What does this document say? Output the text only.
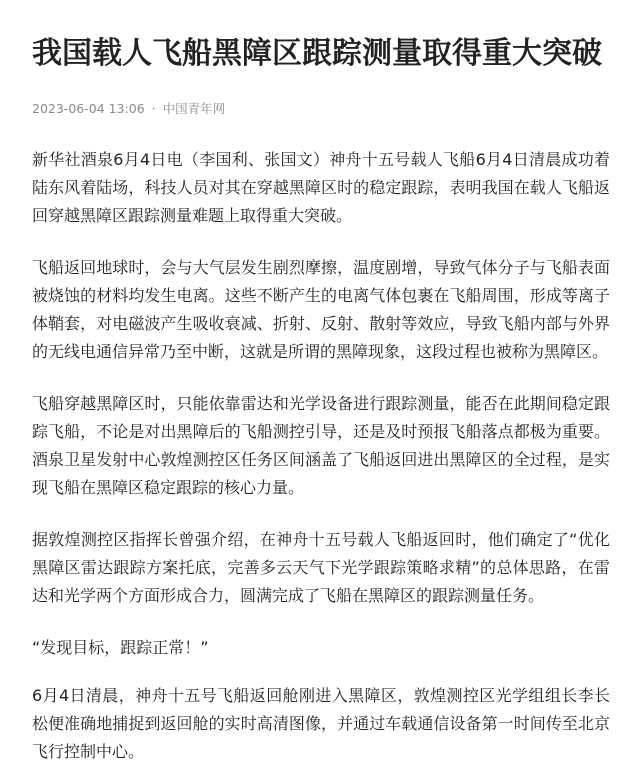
我国载人飞船黑障区跟踪测量取得重大突破
2023-06-04 13:06 · 中国青年网

新华社酒泉6月4日电（李国利、张国文）神舟十五号载人飞船6月4日清晨成功着陆东风着陆场，科技人员对其在穿越黑障区时的稳定跟踪，表明我国在载人飞船返回穿越黑障区跟踪测量难题上取得重大突破。

飞船返回地球时，会与大气层发生剧烈摩擦，温度剧增，导致气体分子与飞船表面被烧蚀的材料均发生电离。这些不断产生的电离气体包裹在飞船周围，形成等离子体鞘套，对电磁波产生吸收衰减、折射、反射、散射等效应，导致飞船内部与外界的无线电通信异常乃至中断，这就是所谓的黑障现象，这段过程也被称为黑障区。

飞船穿越黑障区时，只能依靠雷达和光学设备进行跟踪测量，能否在此期间稳定跟踪飞船，不论是对出黑障后的飞船测控引导，还是及时预报飞船落点都极为重要。酒泉卫星发射中心敦煌测控区任务区间涵盖了飞船返回进出黑障区的全过程，是实现飞船在黑障区稳定跟踪的核心力量。

据敦煌测控区指挥长曾强介绍，在神舟十五号载人飞船返回时，他们确定了“优化黑障区雷达跟踪方案托底，完善多云天气下光学跟踪策略求精”的总体思路，在雷达和光学两个方面形成合力，圆满完成了飞船在黑障区的跟踪测量任务。

“发现目标，跟踪正常！”

6月4日清晨，神舟十五号飞船返回舱刚进入黑障区，敦煌测控区光学组组长李长松便准确地捕捉到返回舱的实时高清图像，并通过车载通信设备第一时间传至北京飞行控制中心。
